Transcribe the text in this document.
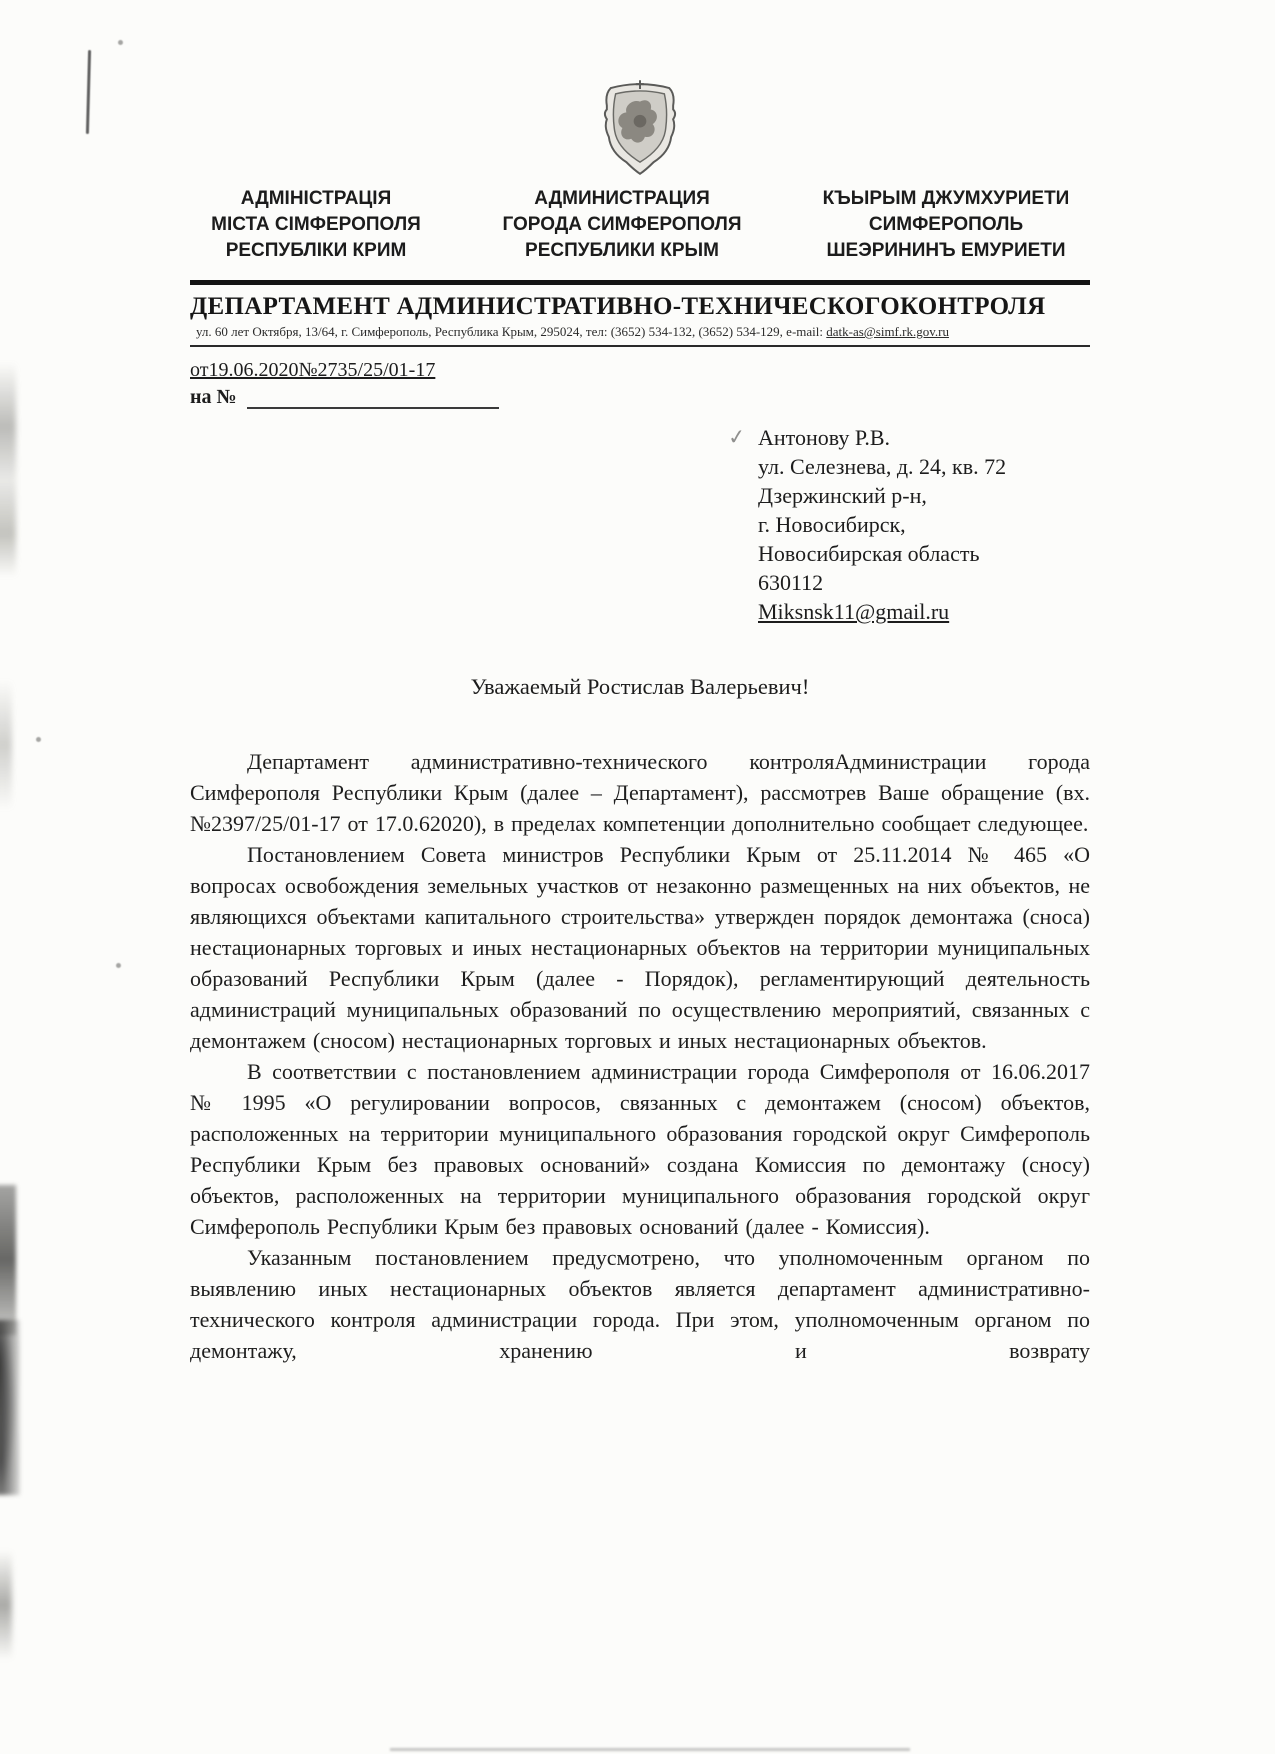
АДМІНІСТРАЦІЯ
МІСТА СІМФЕРОПОЛЯ
РЕСПУБЛІКИ КРИМ
АДМИНИСТРАЦИЯ
ГОРОДА СИМФЕРОПОЛЯ
РЕСПУБЛИКИ КРЫМ
КЪЫРЫМ ДЖУМХУРИЕТИ
СИМФЕРОПОЛЬ
ШЕЭРИНИНЪ ЕМУРИЕТИ
ДЕПАРТАМЕНТ АДМИНИСТРАТИВНО-ТЕХНИЧЕСКОГОКОНТРОЛЯ
ул. 60 лет Октября, 13/64, г. Симферополь, Республика Крым, 295024, тел: (3652) 534-132, (3652) 534-129, e-mail: datk-as@simf.rk.gov.ru
от19.06.2020№2735/25/01-17
на №
✓ Антонову Р.В.
ул. Селезнева, д. 24, кв. 72
Дзержинский р-н,
г. Новосибирск,
Новосибирская область
630112
Miksnsk11@gmail.ru
Уважаемый Ростислав Валерьевич!

Департамент административно-технического контроляАдминистрации города Симферополя Республики Крым (далее – Департамент), рассмотрев Ваше обращение (вх. №2397/25/01-17 от 17.0.62020), в пределах компетенции дополнительно сообщает следующее.

Постановлением Совета министров Республики Крым от 25.11.2014 № 465 «О вопросах освобождения земельных участков от незаконно размещенных на них объектов, не являющихся объектами капитального строительства» утвержден порядок демонтажа (сноса) нестационарных торговых и иных нестационарных объектов на территории муниципальных образований Республики Крым (далее - Порядок), регламентирующий деятельность администраций муниципальных образований по осуществлению мероприятий, связанных с демонтажем (сносом) нестационарных торговых и иных нестационарных объектов.

В соответствии с постановлением администрации города Симферополя от 16.06.2017 № 1995 «О регулировании вопросов, связанных с демонтажем (сносом) объектов, расположенных на территории муниципального образования городской округ Симферополь Республики Крым без правовых оснований» создана Комиссия по демонтажу (сносу) объектов, расположенных на территории муниципального образования городской округ Симферополь Республики Крым без правовых оснований (далее - Комиссия).

Указанным постановлением предусмотрено, что уполномоченным органом по выявлению иных нестационарных объектов является департамент административно-технического контроля администрации города. При этом, уполномоченным органом по демонтажу, хранению и возврату
